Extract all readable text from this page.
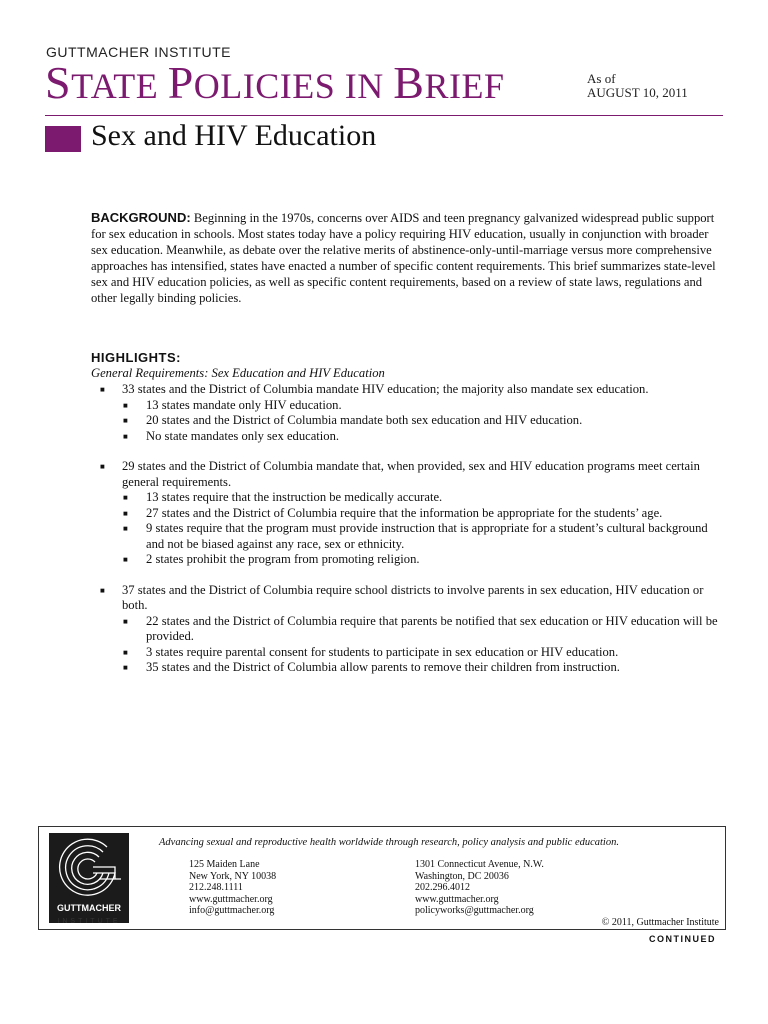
GUTTMACHER INSTITUTE
STATE POLICIES IN BRIEF	As of
AUGUST 10, 2011
Sex and HIV Education
BACKGROUND: Beginning in the 1970s, concerns over AIDS and teen pregnancy galvanized widespread public support for sex education in schools. Most states today have a policy requiring HIV education, usually in conjunction with broader sex education. Meanwhile, as debate over the relative merits of abstinence-only-until-marriage versus more comprehensive approaches has intensified, states have enacted a number of specific content requirements. This brief summarizes state-level sex and HIV education policies, as well as specific content requirements, based on a review of state laws, regulations and other legally binding policies.
HIGHLIGHTS:
General Requirements: Sex Education and HIV Education
■ 33 states and the District of Columbia mandate HIV education; the majority also mandate sex education.
■ 13 states mandate only HIV education.
■ 20 states and the District of Columbia mandate both sex education and HIV education.
■ No state mandates only sex education.
■ 29 states and the District of Columbia mandate that, when provided, sex and HIV education programs meet certain general requirements.
■ 13 states require that the instruction be medically accurate.
■ 27 states and the District of Columbia require that the information be appropriate for the students’ age.
■ 9 states require that the program must provide instruction that is appropriate for a student’s cultural background and not be biased against any race, sex or ethnicity.
■ 2 states prohibit the program from promoting religion.
■ 37 states and the District of Columbia require school districts to involve parents in sex education, HIV education or both.
■ 22 states and the District of Columbia require that parents be notified that sex education or HIV education will be provided.
■ 3 states require parental consent for students to participate in sex education or HIV education.
■ 35 states and the District of Columbia allow parents to remove their children from instruction.
GUTTMACHER
INSTITUTE
Advancing sexual and reproductive health worldwide through research, policy analysis and public education.
125 Maiden Lane
New York, NY 10038
212.248.1111
www.guttmacher.org
info@guttmacher.org
1301 Connecticut Avenue, N.W.
Washington, DC 20036
202.296.4012
www.guttmacher.org
policyworks@guttmacher.org
© 2011, Guttmacher Institute
CONTINUED
